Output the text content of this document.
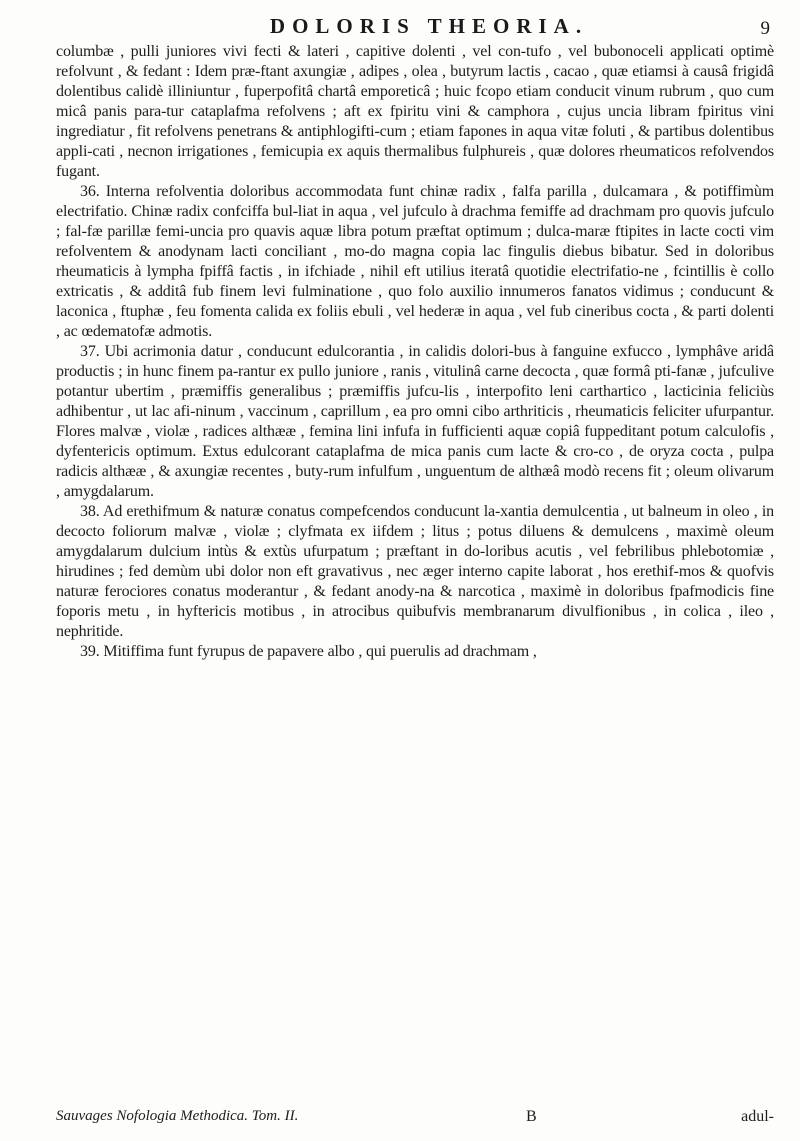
DOLORIS THEORIA.	9

columbæ , pulli juniores vivi fecti & lateri , capitive dolenti , vel con-tufo , vel bubonoceli applicati optimè refolvunt , & fedant : Idem præ-ftant axungiæ , adipes , olea , butyrum lactis , cacao , quæ etiamsi à causâ frigidâ dolentibus calidè illiniuntur , fuperpofitâ chartâ emporeticâ ; huic fcopo etiam conducit vinum rubrum , quo cum micâ panis para-tur cataplafma refolvens ; aft ex fpiritu vini & camphora , cujus uncia libram fpiritus vini ingrediatur , fit refolvens penetrans & antiphlogifti-cum ; etiam fapones in aqua vitæ foluti , & partibus dolentibus appli-cati , necnon irrigationes , femicupia ex aquis thermalibus fulphureis , quæ dolores rheumaticos refolvendos fugant.

36. Interna refolventia doloribus accommodata funt chinæ radix , falfa parilla , dulcamara , & potiffimùm electrifatio. Chinæ radix confciffa bul-liat in aqua , vel jufculo à drachma femiffe ad drachmam pro quovis jufculo ; fal-fæ parillæ femi-uncia pro quavis aquæ libra potum præftat optimum ; dulca-maræ ftipites in lacte cocti vim refolventem & anodynam lacti conciliant , mo-do magna copia lac fingulis diebus bibatur. Sed in doloribus rheumaticis à lympha fpiffâ factis , in ifchiade , nihil eft utilius iteratâ quotidie electrifatio-ne , fcintillis è collo extricatis , & additâ fub finem levi fulminatione , quo folo auxilio innumeros fanatos vidimus ; conducunt & laconica , ftuphæ , feu fomenta calida ex foliis ebuli , vel hederæ in aqua , vel fub cineribus cocta , & parti dolenti , ac œdematofæ admotis.

37. Ubi acrimonia datur , conducunt edulcorantia , in calidis dolori-bus à fanguine exfucco , lymphâve aridâ productis ; in hunc finem pa-rantur ex pullo juniore , ranis , vitulinâ carne decocta , quæ formâ pti-fanæ , jufculive potantur ubertim , præmiffis generalibus ; præmiffis jufcu-lis , interpofito leni carthartico , lacticinia feliciùs adhibentur , ut lac afi-ninum , vaccinum , caprillum , ea pro omni cibo arthriticis , rheumaticis feliciter ufurpantur. Flores malvæ , violæ , radices althææ , femina lini infufa in fufficienti aquæ copiâ fuppeditant potum calculofis , dyfentericis optimum. Extus edulcorant cataplafma de mica panis cum lacte & cro-co , de oryza cocta , pulpa radicis althææ , & axungiæ recentes , buty-rum infulfum , unguentum de althæâ modò recens fit ; oleum olivarum , amygdalarum.

38. Ad erethifmum & naturæ conatus compefcendos conducunt la-xantia demulcentia , ut balneum in oleo , in decocto foliorum malvæ , violæ ; clyfmata ex iifdem ; litus ; potus diluens & demulcens , maximè oleum amygdalarum dulcium intùs & extùs ufurpatum ; præftant in do-loribus acutis , vel febrilibus phlebotomiæ , hirudines ; fed demùm ubi dolor non eft gravativus , nec æger interno capite laborat , hos erethif-mos & quofvis naturæ ferociores conatus moderantur , & fedant anody-na & narcotica , maximè in doloribus fpafmodicis fine foporis metu , in hyftericis motibus , in atrocibus quibufvis membranarum divulfionibus , in colica , ileo , nephritide.

39. Mitiffima funt fyrupus de papavere albo , qui puerulis ad drachmam ,

Sauvages Nofologia Methodica. Tom. II.	B	adul-
